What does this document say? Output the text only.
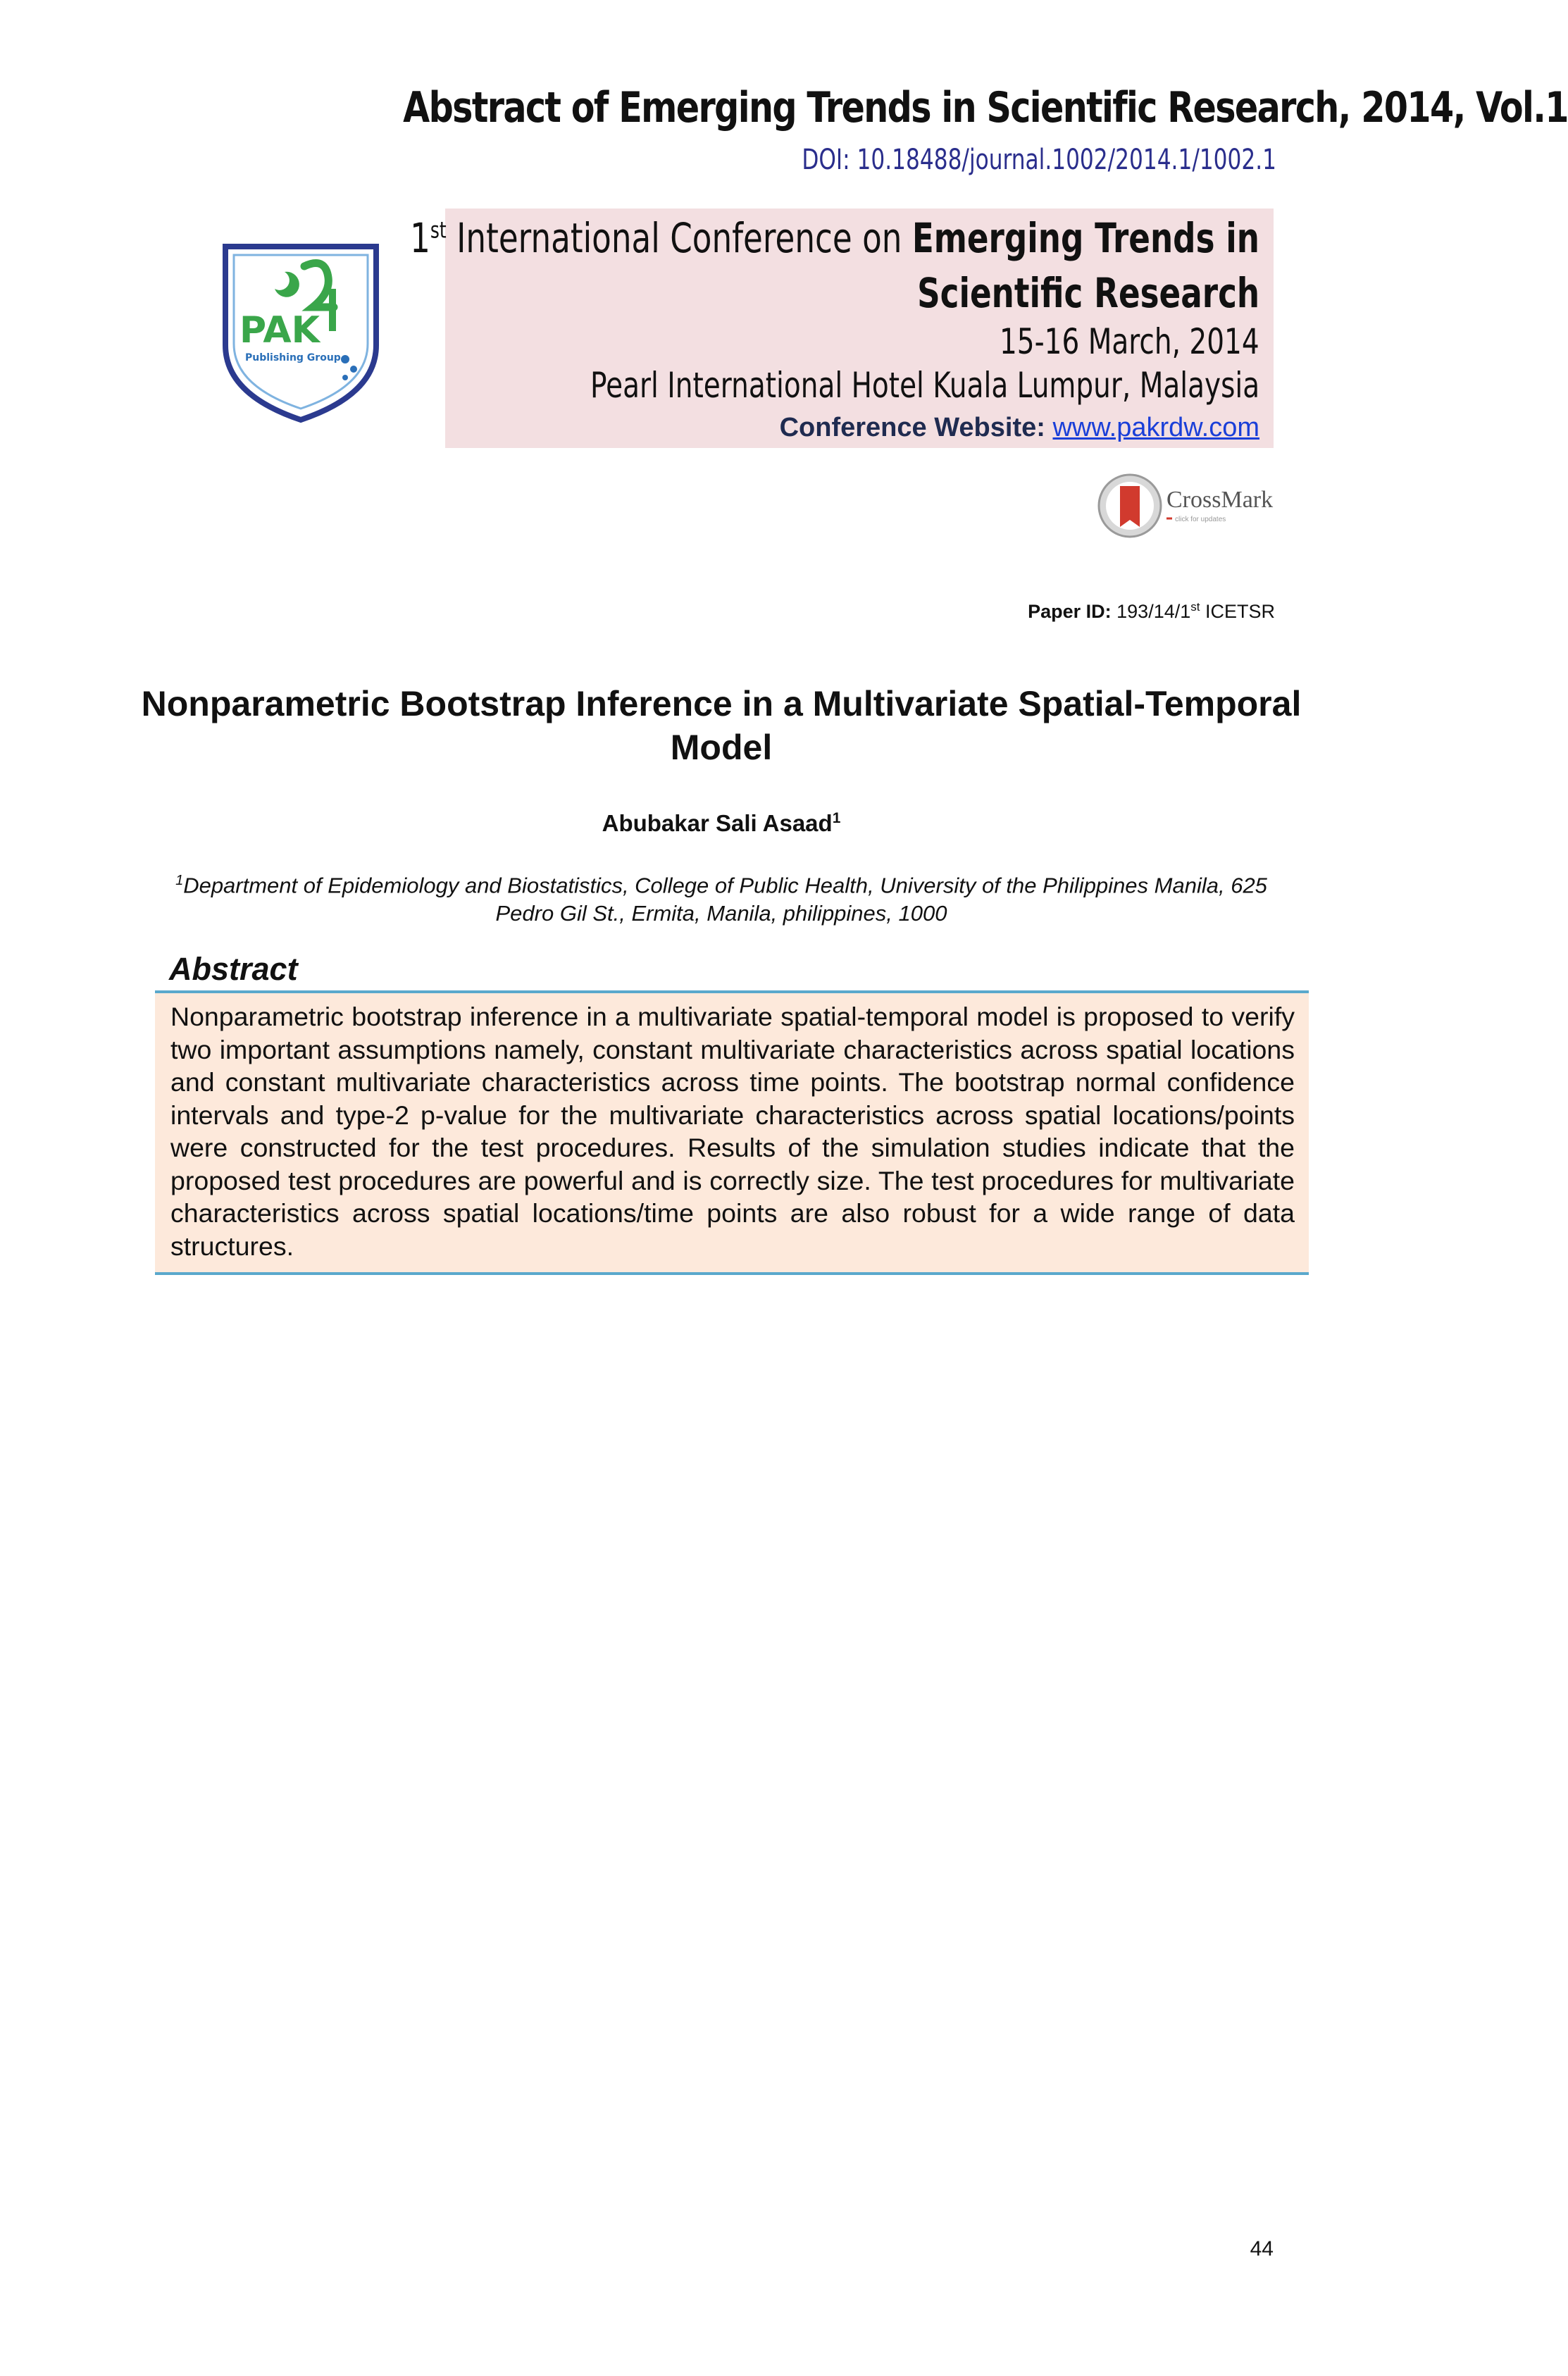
Abstract of Emerging Trends in Scientific Research, 2014, Vol.1
DOI: 10.18488/journal.1002/2014.1/1002.1
PAK
Publishing Group
1st International Conference on Emerging Trends in
Scientific Research
15-16 March, 2014
Pearl International Hotel Kuala Lumpur, Malaysia
Conference Website: www.pakrdw.com
CrossMark
click for updates
Paper ID: 193/14/1st ICETSR
Nonparametric Bootstrap Inference in a Multivariate Spatial-Temporal Model
Abubakar Sali Asaad$^1$
$^1$Department of Epidemiology and Biostatistics, College of Public Health, University of the Philippines Manila, 625 Pedro Gil St., Ermita, Manila, philippines, 1000
Abstract
Nonparametric bootstrap inference in a multivariate spatial-temporal model is proposed to verify two important assumptions namely, constant multivariate characteristics across spatial locations and constant multivariate characteristics across time points. The bootstrap normal confidence intervals and type-2 p-value for the multivariate characteristics across spatial locations/points were constructed for the test procedures. Results of the simulation studies indicate that the proposed test procedures are powerful and is correctly size. The test procedures for multivariate characteristics across spatial locations/time points are also robust for a wide range of data structures.
44
